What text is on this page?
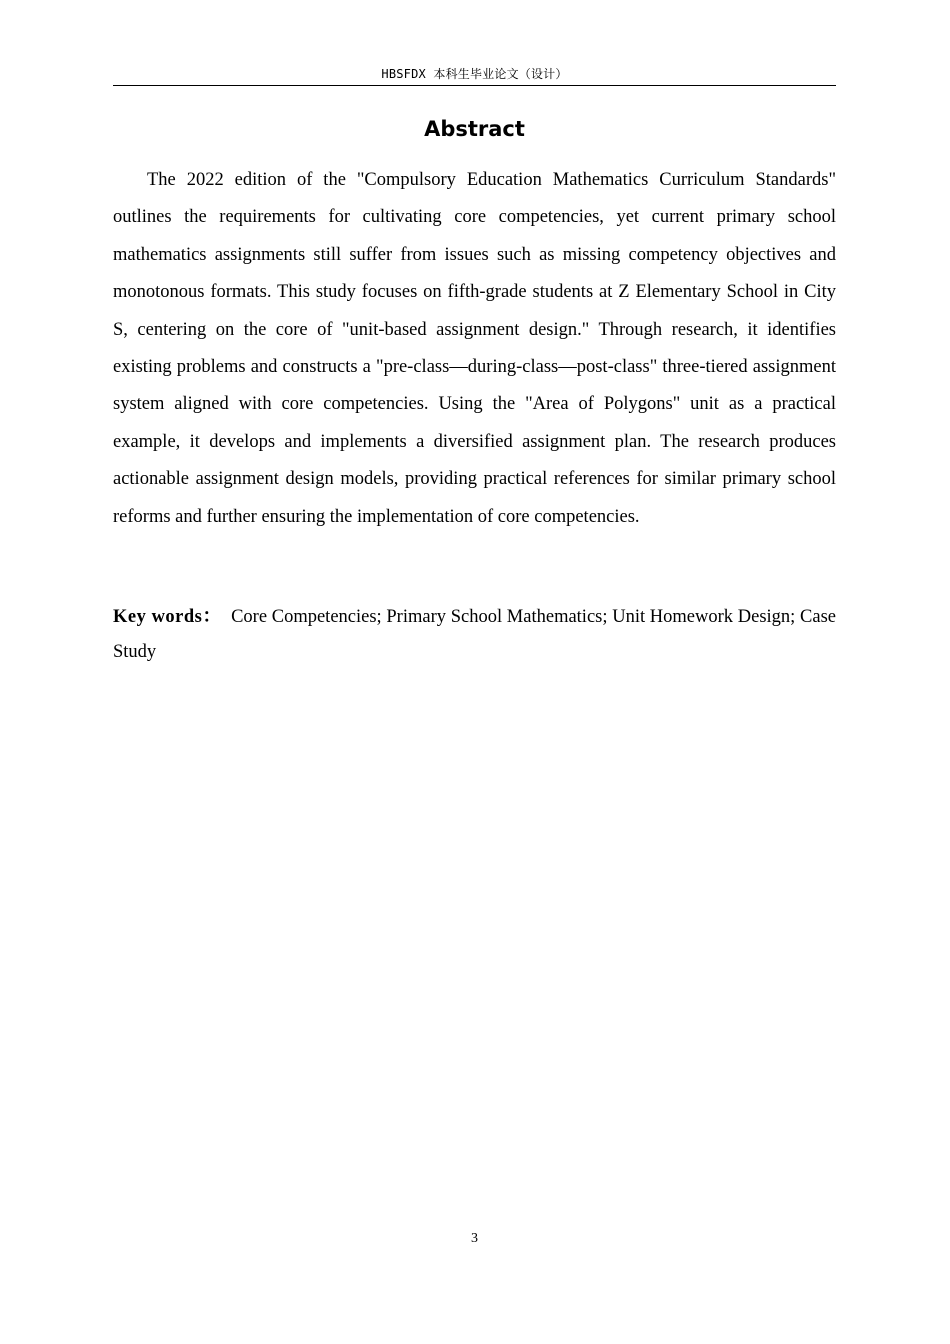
HBSFDX 本科生毕业论文（设计）
Abstract

The 2022 edition of the "Compulsory Education Mathematics Curriculum Standards" outlines the requirements for cultivating core competencies, yet current primary school mathematics assignments still suffer from issues such as missing competency objectives and monotonous formats. This study focuses on fifth-grade students at Z Elementary School in City S, centering on the core of "unit-based assignment design." Through research, it identifies existing problems and constructs a "pre-class—during-class—post-class" three-tiered assignment system aligned with core competencies. Using the "Area of Polygons" unit as a practical example, it develops and implements a diversified assignment plan. The research produces actionable assignment design models, providing practical references for similar primary school reforms and further ensuring the implementation of core competencies.

Key words： Core Competencies; Primary School Mathematics; Unit Homework Design; Case Study

3
